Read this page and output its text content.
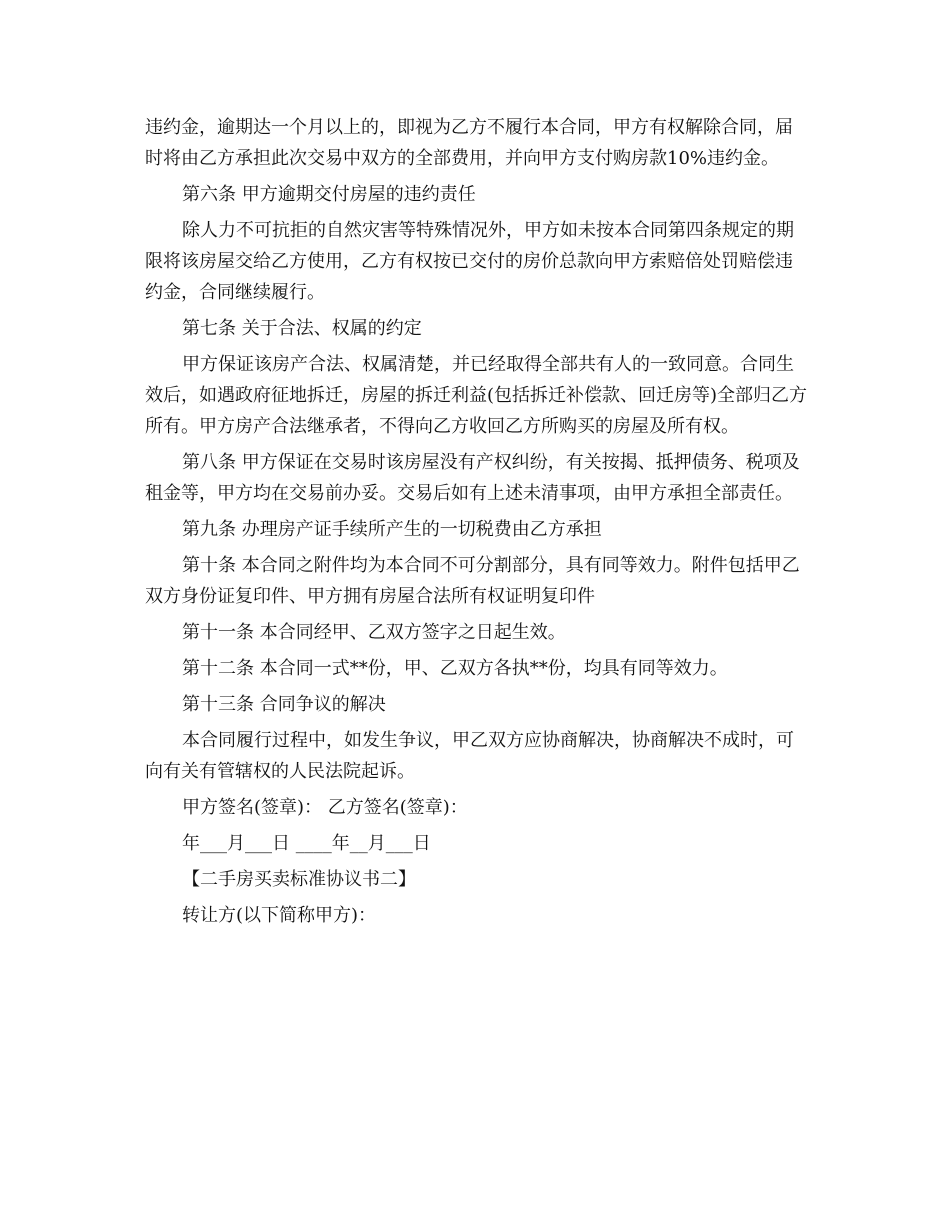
违约金，逾期达一个月以上的，即视为乙方不履行本合同，甲方有权解除合同，届时将由乙方承担此次交易中双方的全部费用，并向甲方支付购房款10%违约金。

第六条 甲方逾期交付房屋的违约责任

除人力不可抗拒的自然灾害等特殊情况外，甲方如未按本合同第四条规定的期限将该房屋交给乙方使用，乙方有权按已交付的房价总款向甲方索赔倍处罚赔偿违约金，合同继续履行。

第七条 关于合法、权属的约定

甲方保证该房产合法、权属清楚，并已经取得全部共有人的一致同意。合同生效后，如遇政府征地拆迁，房屋的拆迁利益(包括拆迁补偿款、回迁房等)全部归乙方所有。甲方房产合法继承者，不得向乙方收回乙方所购买的房屋及所有权。

第八条 甲方保证在交易时该房屋没有产权纠纷，有关按揭、抵押债务、税项及租金等，甲方均在交易前办妥。交易后如有上述未清事项，由甲方承担全部责任。

第九条 办理房产证手续所产生的一切税费由乙方承担

第十条 本合同之附件均为本合同不可分割部分，具有同等效力。附件包括甲乙双方身份证复印件、甲方拥有房屋合法所有权证明复印件

第十一条 本合同经甲、乙双方签字之日起生效。

第十二条 本合同一式**份，甲、乙双方各执**份，均具有同等效力。

第十三条 合同争议的解决

本合同履行过程中，如发生争议，甲乙双方应协商解决，协商解决不成时，可向有关有管辖权的人民法院起诉。

甲方签名(签章)： 乙方签名(签章)：

年___月___日 ____年__月___日

【二手房买卖标准协议书二】

转让方(以下简称甲方)：
